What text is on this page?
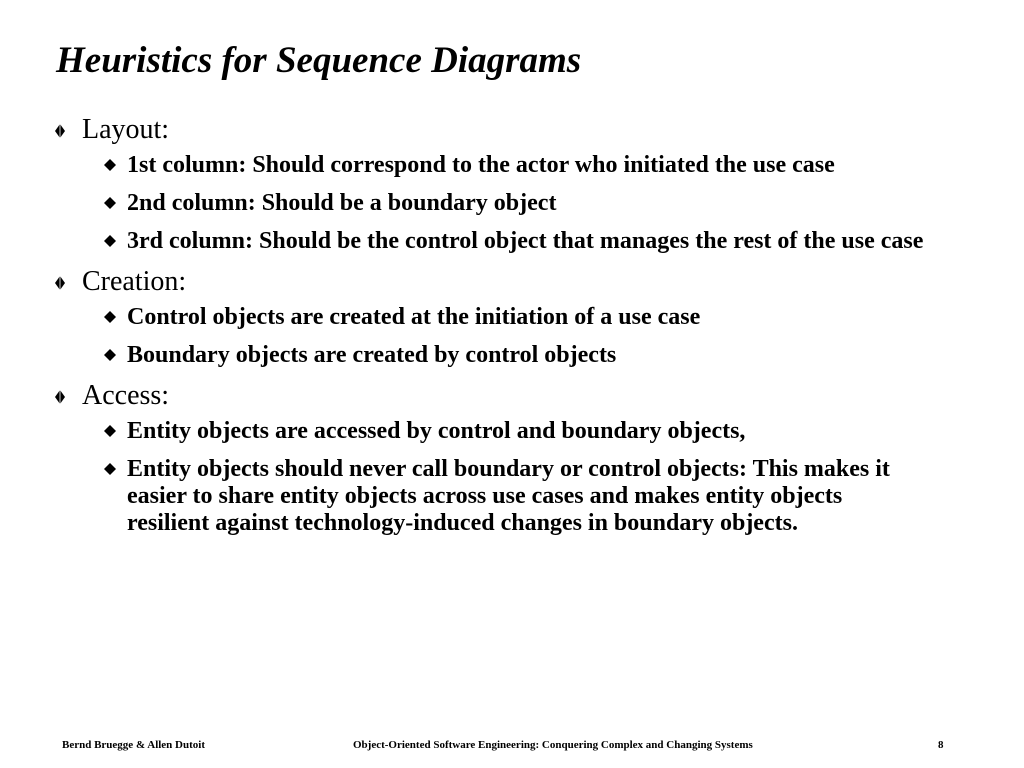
Heuristics for Sequence Diagrams
Layout:
1st column: Should correspond to the actor who initiated the use case
2nd column: Should be a boundary object
3rd column: Should be the control object that manages the rest of the use case
Creation:
Control objects are created at the initiation of a use case
Boundary objects are created by control objects
Access:
Entity objects are accessed by control and boundary objects,
Entity objects should never call boundary or control objects: This makes it easier to share entity objects across use cases and makes entity objects resilient against technology-induced changes in boundary objects.
Bernd Bruegge & Allen Dutoit	Object-Oriented Software Engineering: Conquering Complex and Changing Systems	8
